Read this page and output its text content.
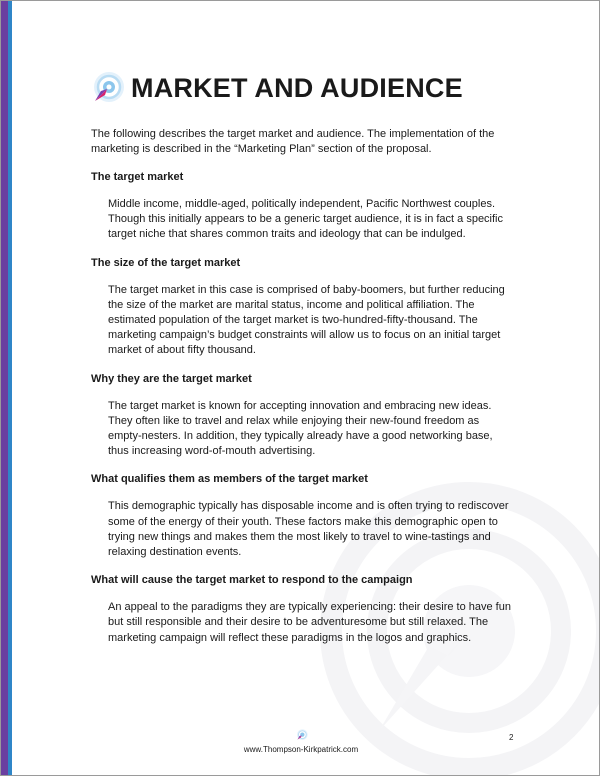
MARKET AND AUDIENCE

The following describes the target market and audience. The implementation of the marketing is described in the “Marketing Plan” section of the proposal.

The target market

Middle income, middle-aged, politically independent, Pacific Northwest couples. Though this initially appears to be a generic target audience, it is in fact a specific target niche that shares common traits and ideology that can be indulged.

The size of the target market

The target market in this case is comprised of baby-boomers, but further reducing the size of the market are marital status, income and political affiliation. The estimated population of the target market is two-hundred-fifty-thousand. The marketing campaign’s budget constraints will allow us to focus on an initial target market of about fifty thousand.

Why they are the target market

The target market is known for accepting innovation and embracing new ideas. They often like to travel and relax while enjoying their new-found freedom as empty-nesters. In addition, they typically already have a good networking base, thus increasing word-of-mouth advertising.

What qualifies them as members of the target market

This demographic typically has disposable income and is often trying to rediscover some of the energy of their youth. These factors make this demographic open to trying new things and makes them the most likely to travel to wine-tastings and relaxing destination events.

What will cause the target market to respond to the campaign

An appeal to the paradigms they are typically experiencing: their desire to have fun but still responsible and their desire to be adventuresome but still relaxed. The marketing campaign will reflect these paradigms in the logos and graphics.

www.Thompson-Kirkpatrick.com
2
